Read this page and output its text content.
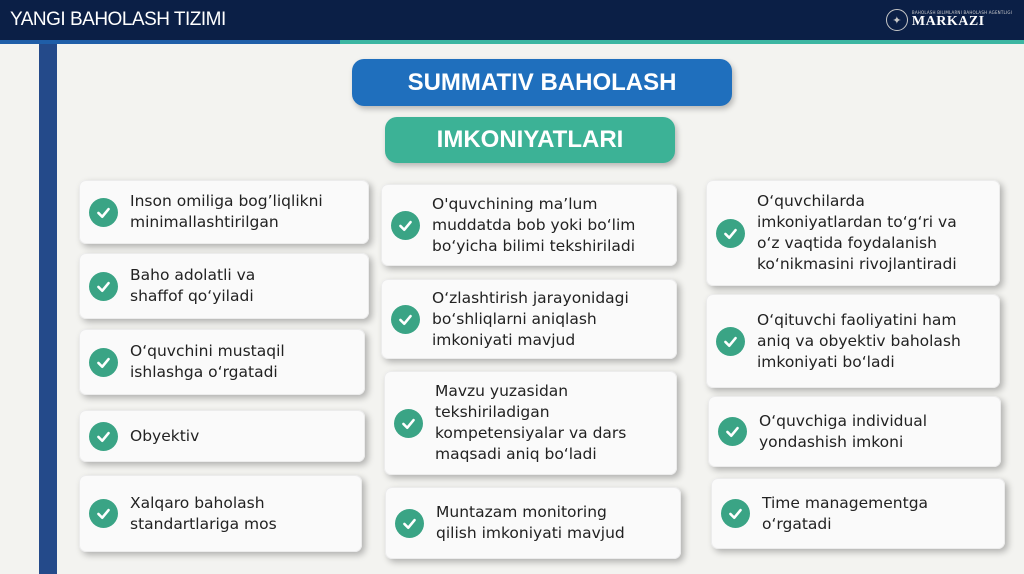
YANGI BAHOLASH TIZIMI	✦
BAHOLASH BILIMLARNI BAHOLASH AGENTLIGI
MARKAZI
SUMMATIV BAHOLASH
IMKONIYATLARI
Inson omiliga bog’liqlikni
minimallashtirilgan
Baho adolatli va
shaffof qo‘yiladi
O‘quvchini mustaqil
ishlashga o‘rgatadi
Obyektiv
Xalqaro baholash
standartlariga mos
O'quvchining ma’lum
muddatda bob yoki bo‘lim
bo‘yicha bilimi tekshiriladi
O‘zlashtirish jarayonidagi
bo‘shliqlarni aniqlash
imkoniyati mavjud
Mavzu yuzasidan
tekshiriladigan
kompetensiyalar va dars
maqsadi aniq bo‘ladi
Muntazam monitoring
qilish imkoniyati mavjud
O‘quvchilarda
imkoniyatlardan to‘g‘ri va
o‘z vaqtida foydalanish
ko‘nikmasini rivojlantiradi
O‘qituvchi faoliyatini ham
aniq va obyektiv baholash
imkoniyati bo‘ladi
O‘quvchiga individual
yondashish imkoni
Time managementga
o‘rgatadi
